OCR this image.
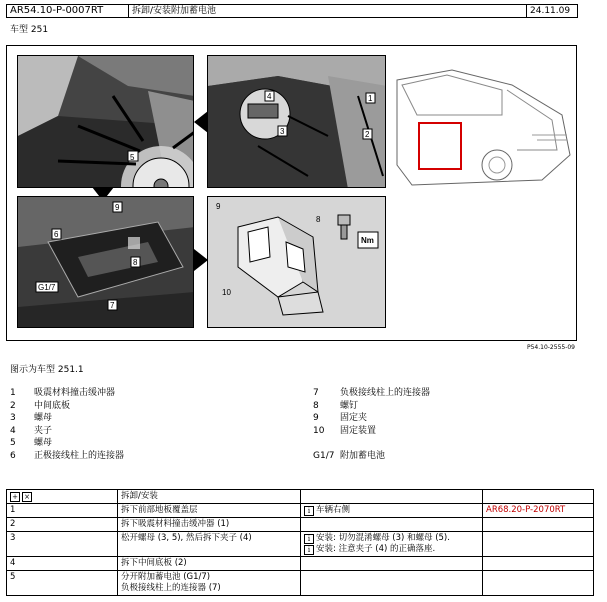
AR54.10-P-0007RT	拆卸/安装附加蓄电池	24.11.09
车型 251
5
4
3
1
2
9
6
8
G1/7
7
9
8
10
Nm
P54.10-2555-09
图示为车型 251.1
1	吸震材料撞击缓冲器
2	中间底板
3	螺母
4	夹子
5	螺母
6	正极接线柱上的连接器
7	负极接线柱上的连接器
8	螺钉
9	固定夹
10	固定装置
G1/7 附加蓄电池
+ ×	拆卸/安装		
1	拆下前部地板覆盖层	i 车辆右侧	AR68.20-P-2070RT
2	拆下吸震材料撞击缓冲器 (1)		
3	松开螺母 (3, 5), 然后拆下夹子 (4)	i 安装: 切勿混淆螺母 (3) 和螺母 (5).
i 安装: 注意夹子 (4) 的正确落座.	

4	拆下中间底板 (2)		
5	分开附加蓄电池 (G1/7)
负极接线柱上的连接器 (7)		
